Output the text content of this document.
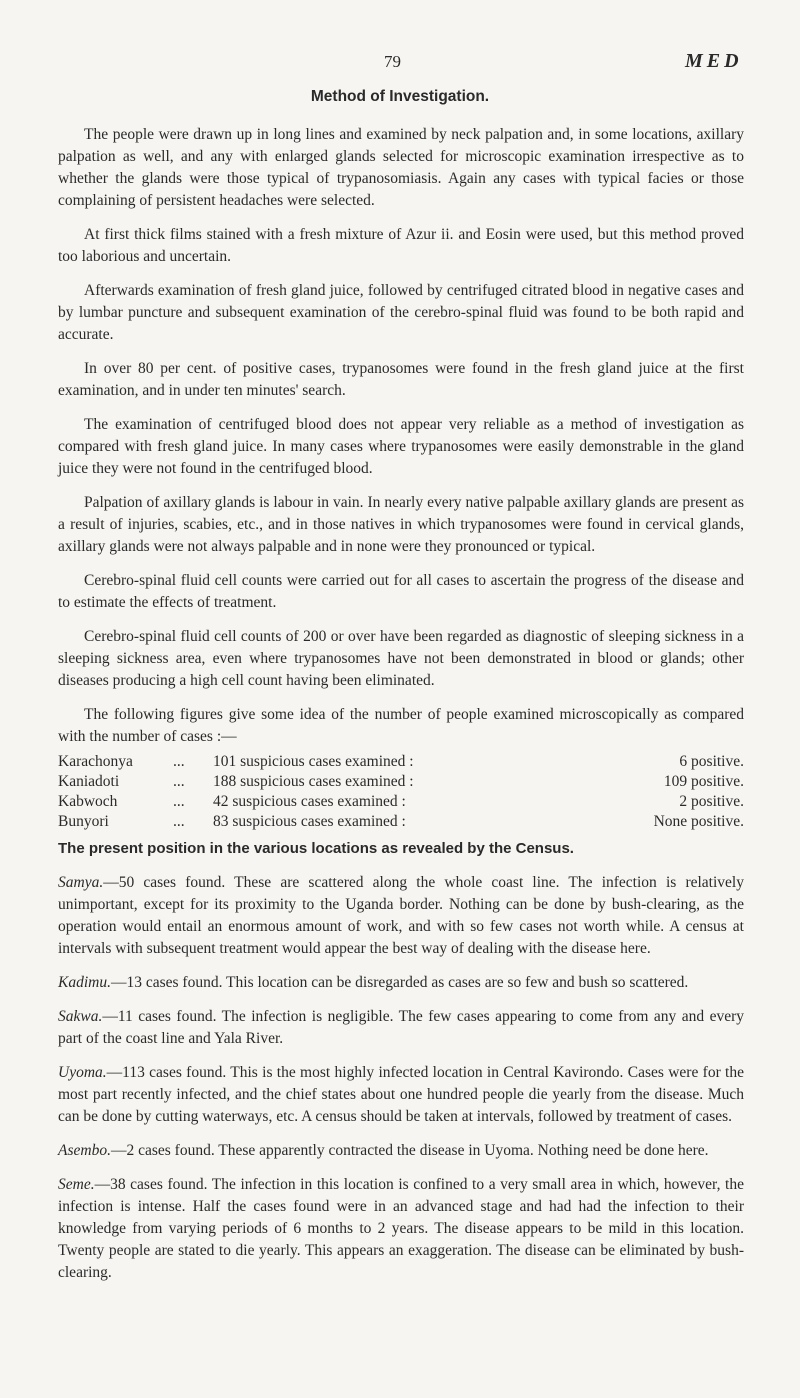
79	MED
Method of Investigation.

The people were drawn up in long lines and examined by neck palpation and, in some locations, axillary palpation as well, and any with enlarged glands selected for microscopic examination irrespective as to whether the glands were those typical of trypanosomiasis. Again any cases with typical facies or those complaining of persistent headaches were selected.

At first thick films stained with a fresh mixture of Azur ii. and Eosin were used, but this method proved too laborious and uncertain.

Afterwards examination of fresh gland juice, followed by centrifuged citrated blood in negative cases and by lumbar puncture and subsequent examination of the cerebro-spinal fluid was found to be both rapid and accurate.

In over 80 per cent. of positive cases, trypanosomes were found in the fresh gland juice at the first examination, and in under ten minutes' search.

The examination of centrifuged blood does not appear very reliable as a method of investigation as compared with fresh gland juice. In many cases where trypanosomes were easily demonstrable in the gland juice they were not found in the centrifuged blood.

Palpation of axillary glands is labour in vain. In nearly every native palpable axillary glands are present as a result of injuries, scabies, etc., and in those natives in which trypanosomes were found in cervical glands, axillary glands were not always palpable and in none were they pronounced or typical.

Cerebro-spinal fluid cell counts were carried out for all cases to ascertain the progress of the disease and to estimate the effects of treatment.

Cerebro-spinal fluid cell counts of 200 or over have been regarded as diagnostic of sleeping sickness in a sleeping sickness area, even where trypanosomes have not been demonstrated in blood or glands; other diseases producing a high cell count having been eliminated.

The following figures give some idea of the number of people examined microscopically as compared with the number of cases :—

Karachonya	...	101 suspicious cases examined :	6 positive.
Kaniadoti	...	188 suspicious cases examined :	109 positive.
Kabwoch	...	42 suspicious cases examined :	2 positive.
Bunyori	...	83 suspicious cases examined :	None positive.
The present position in the various locations as revealed by the Census.

Samya.—50 cases found. These are scattered along the whole coast line. The infection is relatively unimportant, except for its proximity to the Uganda border. Nothing can be done by bush-clearing, as the operation would entail an enormous amount of work, and with so few cases not worth while. A census at intervals with subsequent treatment would appear the best way of dealing with the disease here.

Kadimu.—13 cases found. This location can be disregarded as cases are so few and bush so scattered.

Sakwa.—11 cases found. The infection is negligible. The few cases appearing to come from any and every part of the coast line and Yala River.

Uyoma.—113 cases found. This is the most highly infected location in Central Kavirondo. Cases were for the most part recently infected, and the chief states about one hundred people die yearly from the disease. Much can be done by cutting waterways, etc. A census should be taken at intervals, followed by treatment of cases.

Asembo.—2 cases found. These apparently contracted the disease in Uyoma. Nothing need be done here.

Seme.—38 cases found. The infection in this location is confined to a very small area in which, however, the infection is intense. Half the cases found were in an advanced stage and had had the infection to their knowledge from varying periods of 6 months to 2 years. The disease appears to be mild in this location. Twenty people are stated to die yearly. This appears an exaggeration. The disease can be eliminated by bush-clearing.
